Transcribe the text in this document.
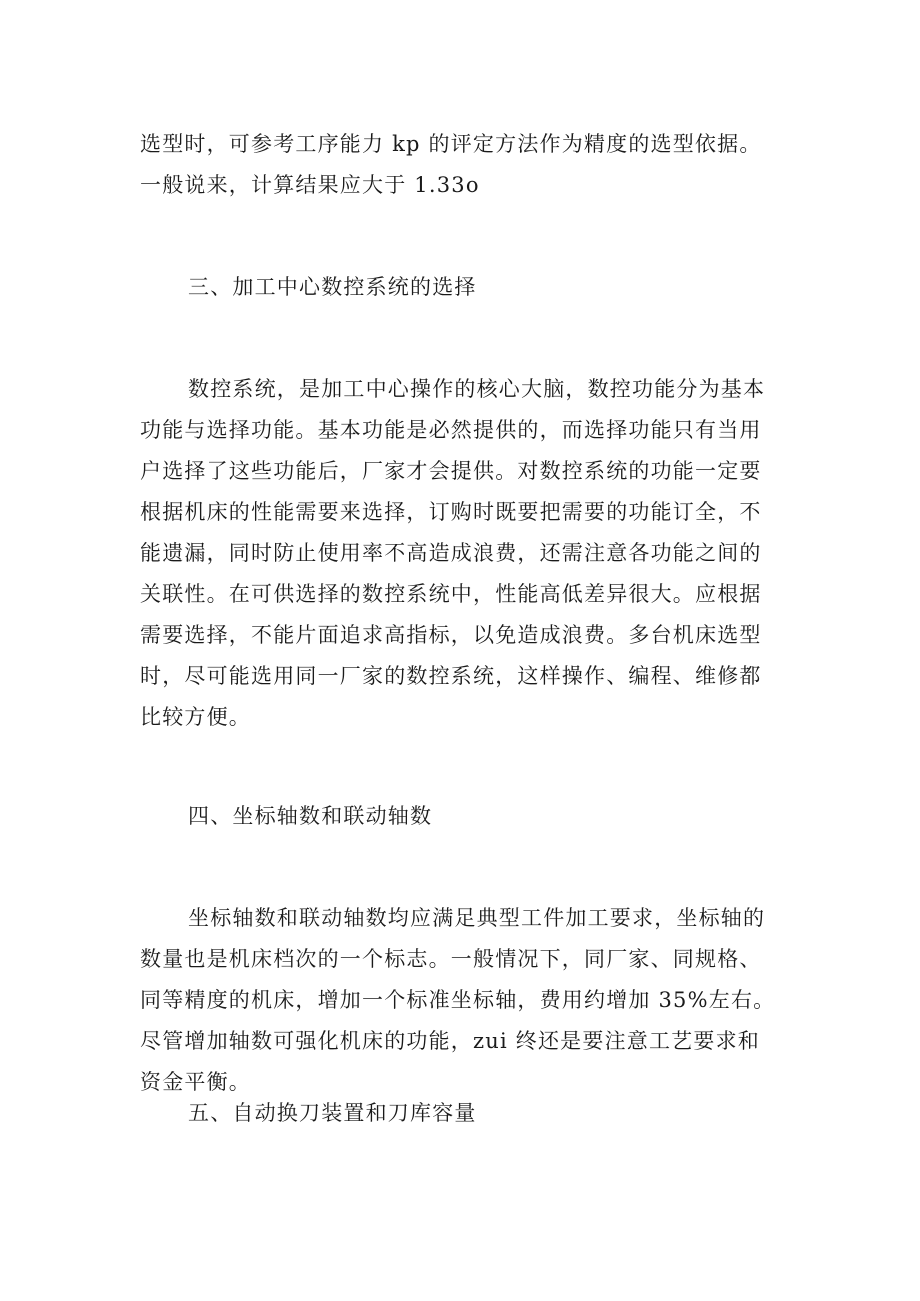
选型时，可参考工序能力 kp 的评定方法作为精度的选型依据。
一般说来，计算结果应大于 1.33o
三、加工中心数控系统的选择
数控系统，是加工中心操作的核心大脑，数控功能分为基本
功能与选择功能。基本功能是必然提供的，而选择功能只有当用
户选择了这些功能后，厂家才会提供。对数控系统的功能一定要
根据机床的性能需要来选择，订购时既要把需要的功能订全，不
能遗漏，同时防止使用率不高造成浪费，还需注意各功能之间的
关联性。在可供选择的数控系统中，性能高低差异很大。应根据
需要选择，不能片面追求高指标，以免造成浪费。多台机床选型
时，尽可能选用同一厂家的数控系统，这样操作、编程、维修都
比较方便。
四、坐标轴数和联动轴数
坐标轴数和联动轴数均应满足典型工件加工要求，坐标轴的
数量也是机床档次的一个标志。一般情况下，同厂家、同规格、
同等精度的机床，增加一个标准坐标轴，费用约增加 35%左右。
尽管增加轴数可强化机床的功能，zui 终还是要注意工艺要求和
资金平衡。
五、自动换刀装置和刀库容量
